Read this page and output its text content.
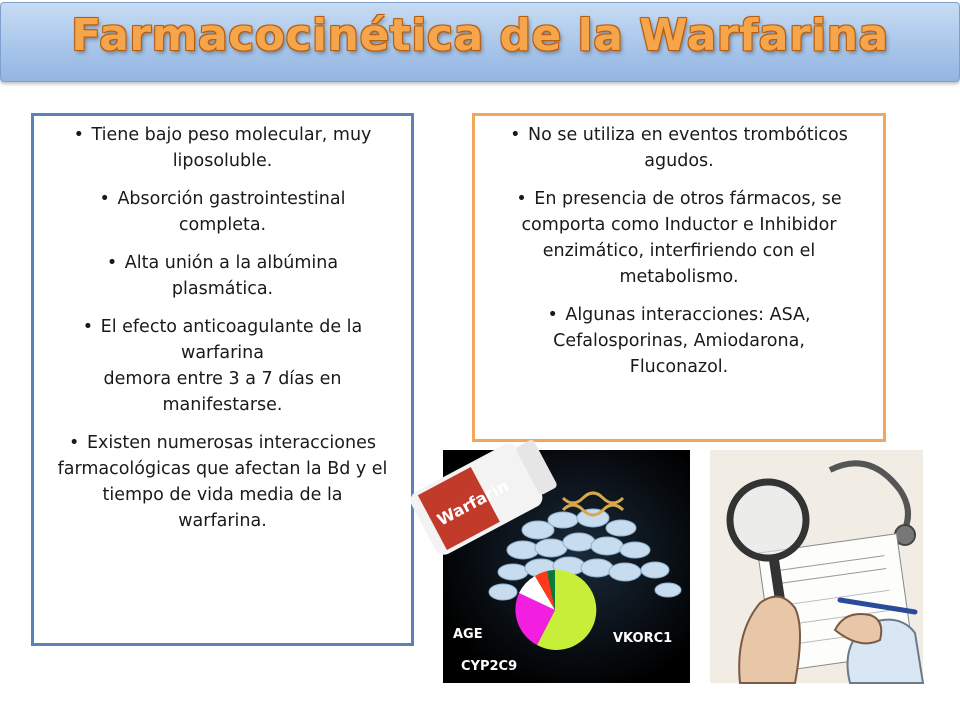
Farmacocinética de la Warfarina
• Tiene bajo peso molecular, muy
liposoluble.
• Absorción gastrointestinal
completa.
• Alta unión a la albúmina
plasmática.
• El efecto anticoagulante de la
warfarina
demora entre 3 a 7 días en
manifestarse.
• Existen numerosas interacciones
farmacológicas que afectan la Bd y el
tiempo de vida media de la
warfarina.
• No se utiliza en eventos trombóticos
agudos.
• En presencia de otros fármacos, se
comporta como Inductor e Inhibidor
enzimático, interfiriendo con el
metabolismo.
• Algunas interacciones: ASA,
Cefalosporinas, Amiodarona,
Fluconazol.
Warfarin
AGE	VKORC1
CYP2C9
